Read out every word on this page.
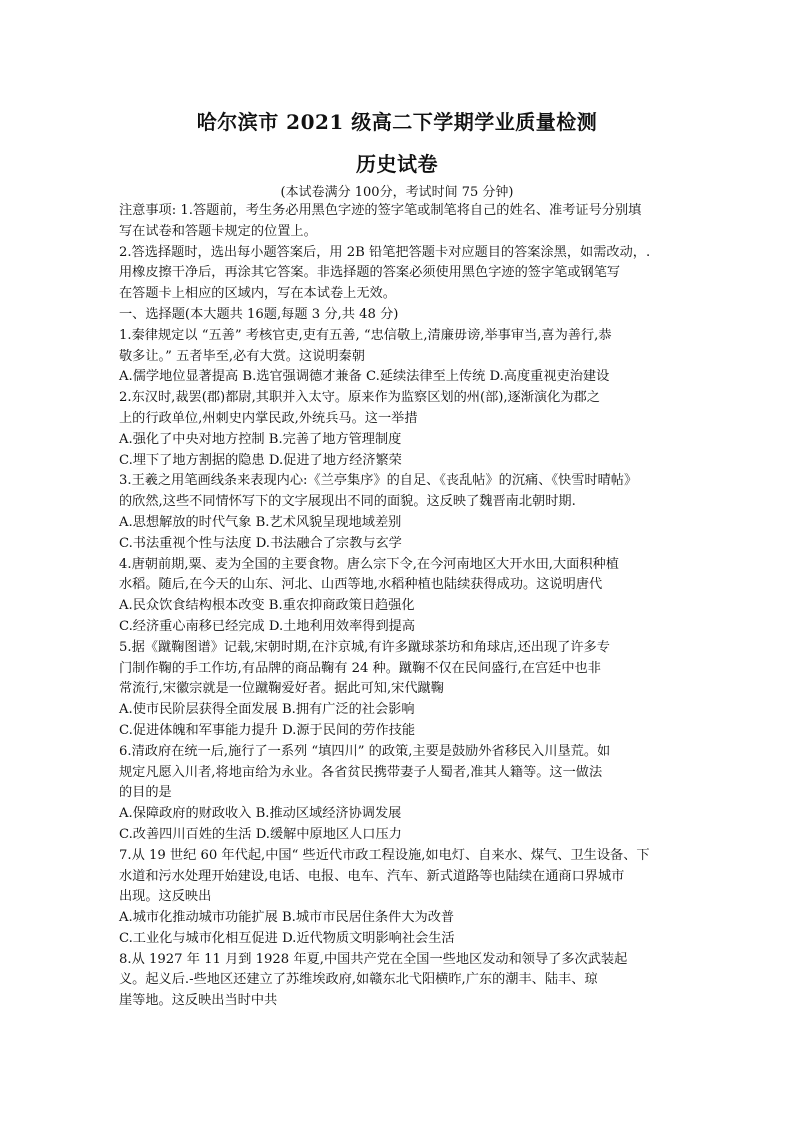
哈尔滨市 2021 级高二下学期学业质量检测
历史试卷
(本试卷满分 100分，考试时间 75 分钟)
注意事项: 1.答题前，考生务必用黑色字迹的签字笔或制笔将自己的姓名、准考证号分别填
写在试卷和答题卡规定的位置上。
2.答选择题时，选出每小题答案后，用 2B 铅笔把答题卡对应题目的答案涂黑，如需改动，.
用橡皮擦干净后，再涂其它答案。非选择题的答案必须使用黑色字迹的签字笔或钢笔写
在答题卡上相应的区域内，写在本试卷上无效。
一、选择题(本大题共 16题,每题 3 分,共 48 分)
1.秦律规定以 “五善” 考核官吏,吏有五善, “忠信敬上,清廉毋谤,举事审当,喜为善行,恭
敬多让。” 五者毕至,必有大赏。这说明秦朝
A.儒学地位显著提高 B.选官强调德才兼备 C.延续法律至上传统 D.高度重视吏治建设
2.东汉时,裁罢(郡)都尉,其职并入太守。原来作为监察区划的州(部),逐渐演化为郡之
上的行政单位,州刺史内掌民政,外统兵马。这一举措
A.强化了中央对地方控制 B.完善了地方管理制度
C.埋下了地方割据的隐患 D.促进了地方经济繁荣
3.王羲之用笔画线条来表现内心:《兰亭集序》的自足、《丧乱帖》的沉痛、《快雪时晴帖》
的欣然,这些不同情怀写下的文字展现出不同的面貌。这反映了魏晋南北朝时期.
A.思想解放的时代气象 B.艺术风貌呈现地域差别
C.书法重视个性与法度 D.书法融合了宗教与玄学
4.唐朝前期,粟、麦为全国的主要食物。唐么宗下令,在今河南地区大开水田,大面积种植
水稻。随后,在今天的山东、河北、山西等地,水稻种植也陆续获得成功。这说明唐代
A.民众饮食结构根本改变 B.重农抑商政策日趋强化
C.经济重心南移已经完成 D.土地利用效率得到提高
5.据《蹴鞠图谱》记载,宋朝时期,在汴京城,有许多蹴球茶坊和角球店,还出现了许多专
门制作鞠的手工作坊,有品牌的商品鞠有 24 种。蹴鞠不仅在民间盛行,在宫廷中也非
常流行,宋徽宗就是一位蹴鞠爱好者。据此可知,宋代蹴鞠
A.使市民阶层获得全面发展 B.拥有广泛的社会影响
C.促进体魄和军事能力提升 D.源于民间的劳作技能
6.清政府在统一后,施行了一系列 “填四川” 的政策,主要是鼓励外省移民入川垦荒。如
规定凡愿入川者,将地亩给为永业。各省贫民携带妻子人蜀者,准其人籍等。这一做法
的目的是
A.保障政府的财政收入 B.推动区域经济协调发展
C.改善四川百姓的生活 D.缓解中原地区人口压力
7.从 19 世纪 60 年代起,中国“ 些近代市政工程设施,如电灯、自来水、煤气、卫生设备、下
水道和污水处理开始建设,电话、电报、电车、汽车、新式道路等也陆续在通商口界城市
出现。这反映出
A.城市化推动城市功能扩展 B.城市市民居住条件大为改普
C.工业化与城市化相互促进 D.近代物质文明影响社会生活
8.从 1927 年 11 月到 1928 年夏,中国共产党在全国一些地区发动和领导了多次武装起
义。起义后.-些地区还建立了苏维埃政府,如赣东北弋阳横昨,广东的潮丰、陆丰、琼
崖等地。这反映出当时中共
